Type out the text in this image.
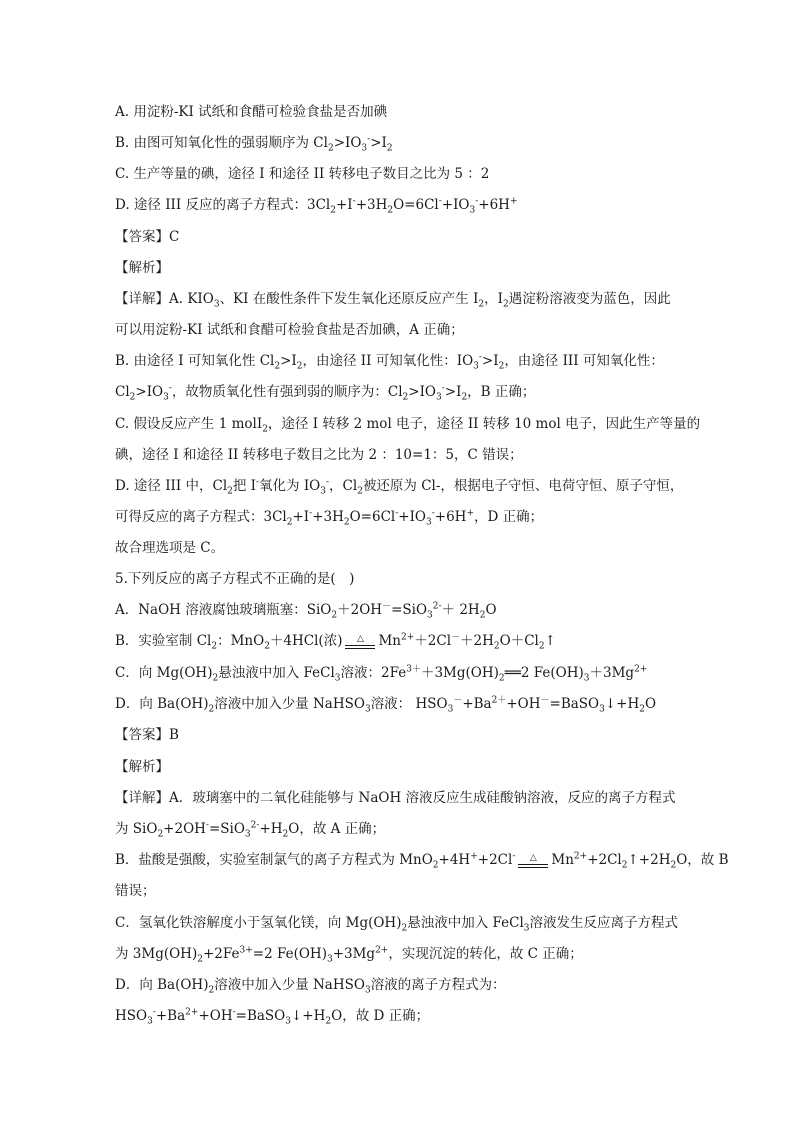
A. 用淀粉-KI 试纸和食醋可检验食盐是否加碘
B. 由图可知氧化性的强弱顺序为 $Cl_2>IO_3^->I_2$
C. 生产等量的碘，途径 I 和途径 II 转移电子数目之比为 5 ：2
D. 途径 III 反应的离子方程式：$3Cl_2+I^-+3H_2O=6Cl^-+IO_3^-+6H^+$
【答案】C
【解析】
【详解】A. $KIO_3$、KI 在酸性条件下发生氧化还原反应产生 $I_2$，$I_2$遇淀粉溶液变为蓝色，因此
可以用淀粉-KI 试纸和食醋可检验食盐是否加碘，A 正确；
B. 由途径 I 可知氧化性 $Cl_2>I_2$，由途径 II 可知氧化性：$IO_3^->I_2$，由途径 III 可知氧化性：
$Cl_2>IO_3^-$，故物质氧化性有强到弱的顺序为：$Cl_2>IO_3^->I_2$，B 正确；
C. 假设反应产生 1 molI$_2$，途径 I 转移 2 mol 电子，途径 II 转移 10 mol 电子，因此生产等量的
碘，途径 I 和途径 II 转移电子数目之比为 2 ：10=1：5，C 错误；
D. 途径 III 中，$Cl_2$把 I-氧化为 $IO_3^-$，$Cl_2$被还原为 Cl-，根据电子守恒、电荷守恒、原子守恒，
可得反应的离子方程式：$3Cl_2+I^-+3H_2O=6Cl^-+IO_3^-+6H^+$，D 正确；
故合理选项是 C。
5.下列反应的离子方程式不正确的是(　)
A．NaOH 溶液腐蚀玻璃瓶塞：$SiO_2+2OH^-=SiO_3^{2-}+ 2H_2O$
B．实验室制 $Cl_2$：MnO$_2$＋4HCl(浓)	△	$Mn^{2+}+2Cl^-+2H_2O+Cl_2↑$
C．向 $Mg(OH)_2$悬浊液中加入 FeCl$_3$溶液：$2Fe^{3+}+3Mg(OH)_2══2$ $Fe(OH)_3+3Mg^{2+}$
D．向 $Ba(OH)_2$溶液中加入少量 NaHSO$_3$溶液： $HSO_3^-+Ba^{2+}+OH^-=BaSO_3↓+H_2O$
【答案】B
【解析】
【详解】A．玻璃塞中的二氧化硅能够与 NaOH 溶液反应生成硅酸钠溶液，反应的离子方程式
为 $SiO_2+2OH^-=SiO_3^{2-}+H_2O$，故 A 正确；
B．盐酸是强酸，实验室制氯气的离子方程式为 MnO$_2$+4H++2Cl-	△	$Mn^{2+}+2Cl_2↑+2H_2O$，故 B
错误；
C．氢氧化铁溶解度小于氢氧化镁，向 $Mg(OH)_2$悬浊液中加入 FeCl$_3$溶液发生反应离子方程式
为 $3Mg(OH)_2+2Fe^{3+}=2$ $Fe(OH)_3+3Mg^{2+}$，实现沉淀的转化，故 C 正确；
D．向 $Ba(OH)_2$溶液中加入少量 NaHSO$_3$溶液的离子方程式为：
$HSO_3^-+Ba^{2+}+OH^-=BaSO_3↓+H_2O$，故 D 正确；
